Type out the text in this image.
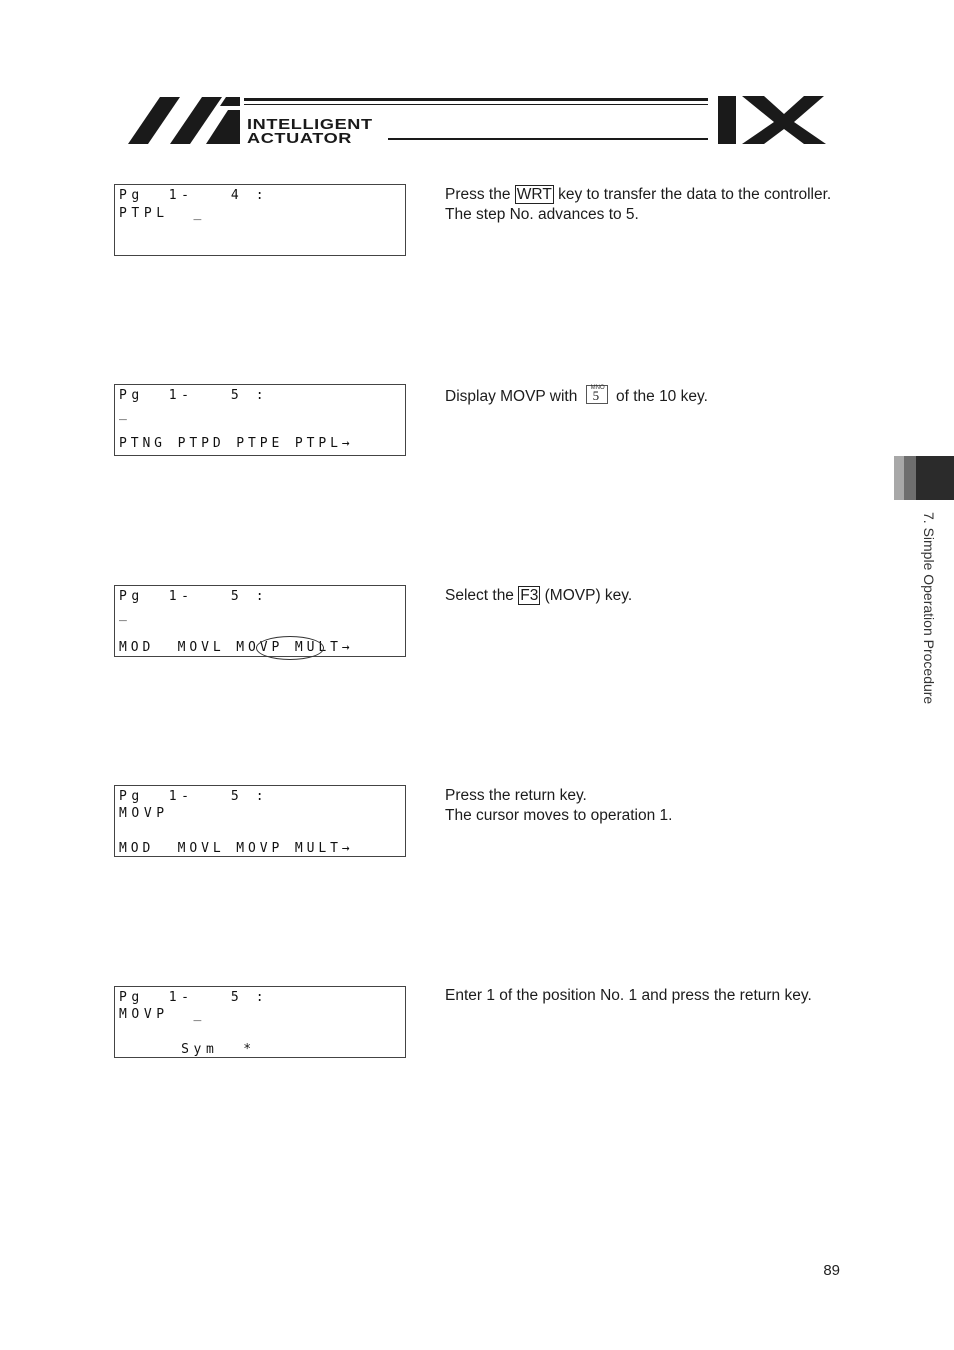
INTELLIGENT
ACTUATOR
Pg  1-   4 :
PTPL  _
Press the WRT key to transfer the data to the controller.
The step No. advances to 5.
Pg  1-   5 :
_
PTNG PTPD PTPE PTPL→
Display MOVP with MNO
5 of the 10 key.
Pg  1-   5 :
_
MOD  MOVL MOVP MULT→
Select the F3 (MOVP) key.
Pg  1-   5 :
MOVP
MOD  MOVL MOVP MULT→
Press the return key.
The cursor moves to operation 1.
Pg  1-   5 :
MOVP  _
Sym  *
Enter 1 of the position No. 1 and press the return key.
7. Simple Operation Procedure
89
